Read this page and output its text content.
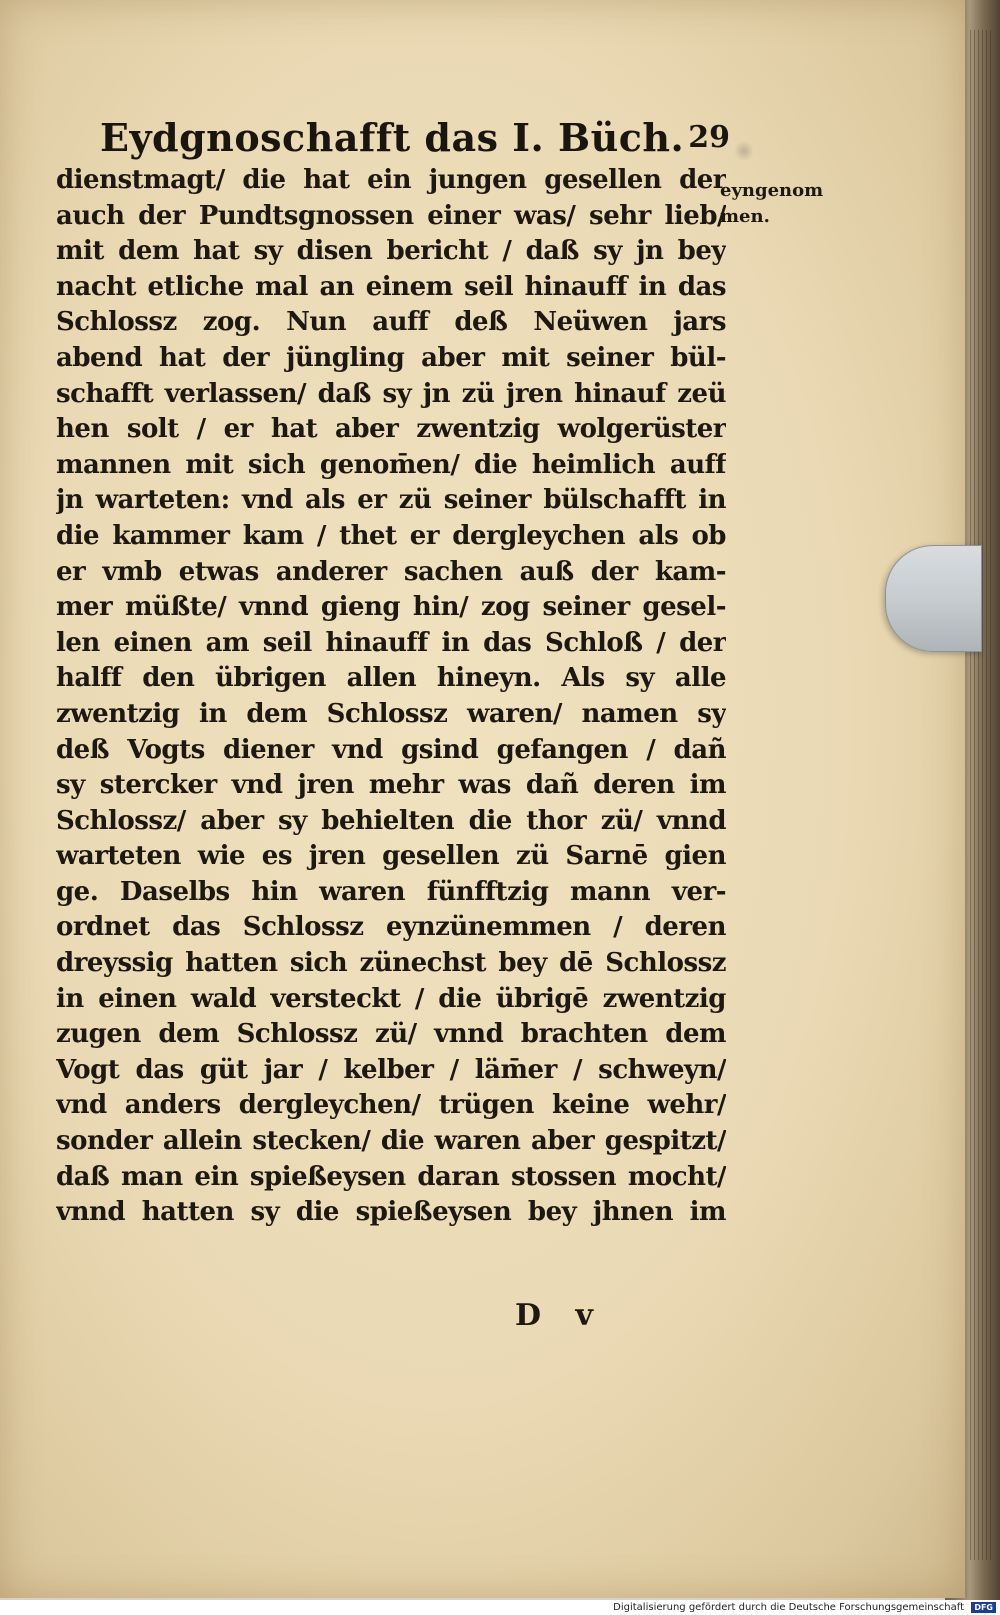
Eydgnoschafft das I. Büch. 29
dienstmagt/ die hat ein jungen gesellen der
auch der Pundtsgnossen einer was/ sehr lieb/
mit dem hat sy disen bericht / daß sy jn bey
nacht etliche mal an einem seil hinauff in das
Schlossz zog. Nun auff deß Neüwen jars
abend hat der jüngling aber mit seiner bül-
schafft verlassen/ daß sy jn zü jren hinauf zeü
hen solt / er hat aber zwentzig wolgerüster
mannen mit sich genom̄en/ die heimlich auff
jn warteten: vnd als er zü seiner bülschafft in
die kammer kam / thet er dergleychen als ob
er vmb etwas anderer sachen auß der kam-
mer müßte/ vnnd gieng hin/ zog seiner gesel-
len einen am seil hinauff in das Schloß / der
halff den übrigen allen hineyn. Als sy alle
zwentzig in dem Schlossz waren/ namen sy
deß Vogts diener vnd gsind gefangen / dañ
sy stercker vnd jren mehr was dañ deren im
Schlossz/ aber sy behielten die thor zü/ vnnd
warteten wie es jren gesellen zü Sarnē gien
ge. Daselbs hin waren fünfftzig mann ver-
ordnet das Schlossz eynzünemmen / deren
dreyssig hatten sich zünechst bey dē Schlossz
in einen wald versteckt / die übrigē zwentzig
zugen dem Schlossz zü/ vnnd brachten dem
Vogt das güt jar / kelber / läm̄er / schweyn/
vnd anders dergleychen/ trügen keine wehr/
sonder allein stecken/ die waren aber gespitzt/
daß man ein spießeysen daran stossen mocht/
vnnd hatten sy die spießeysen bey jhnen im
eyngenom
men.
D v
Digitalisierung gefördert durch die Deutsche Forschungsgemeinschaft	DFG
